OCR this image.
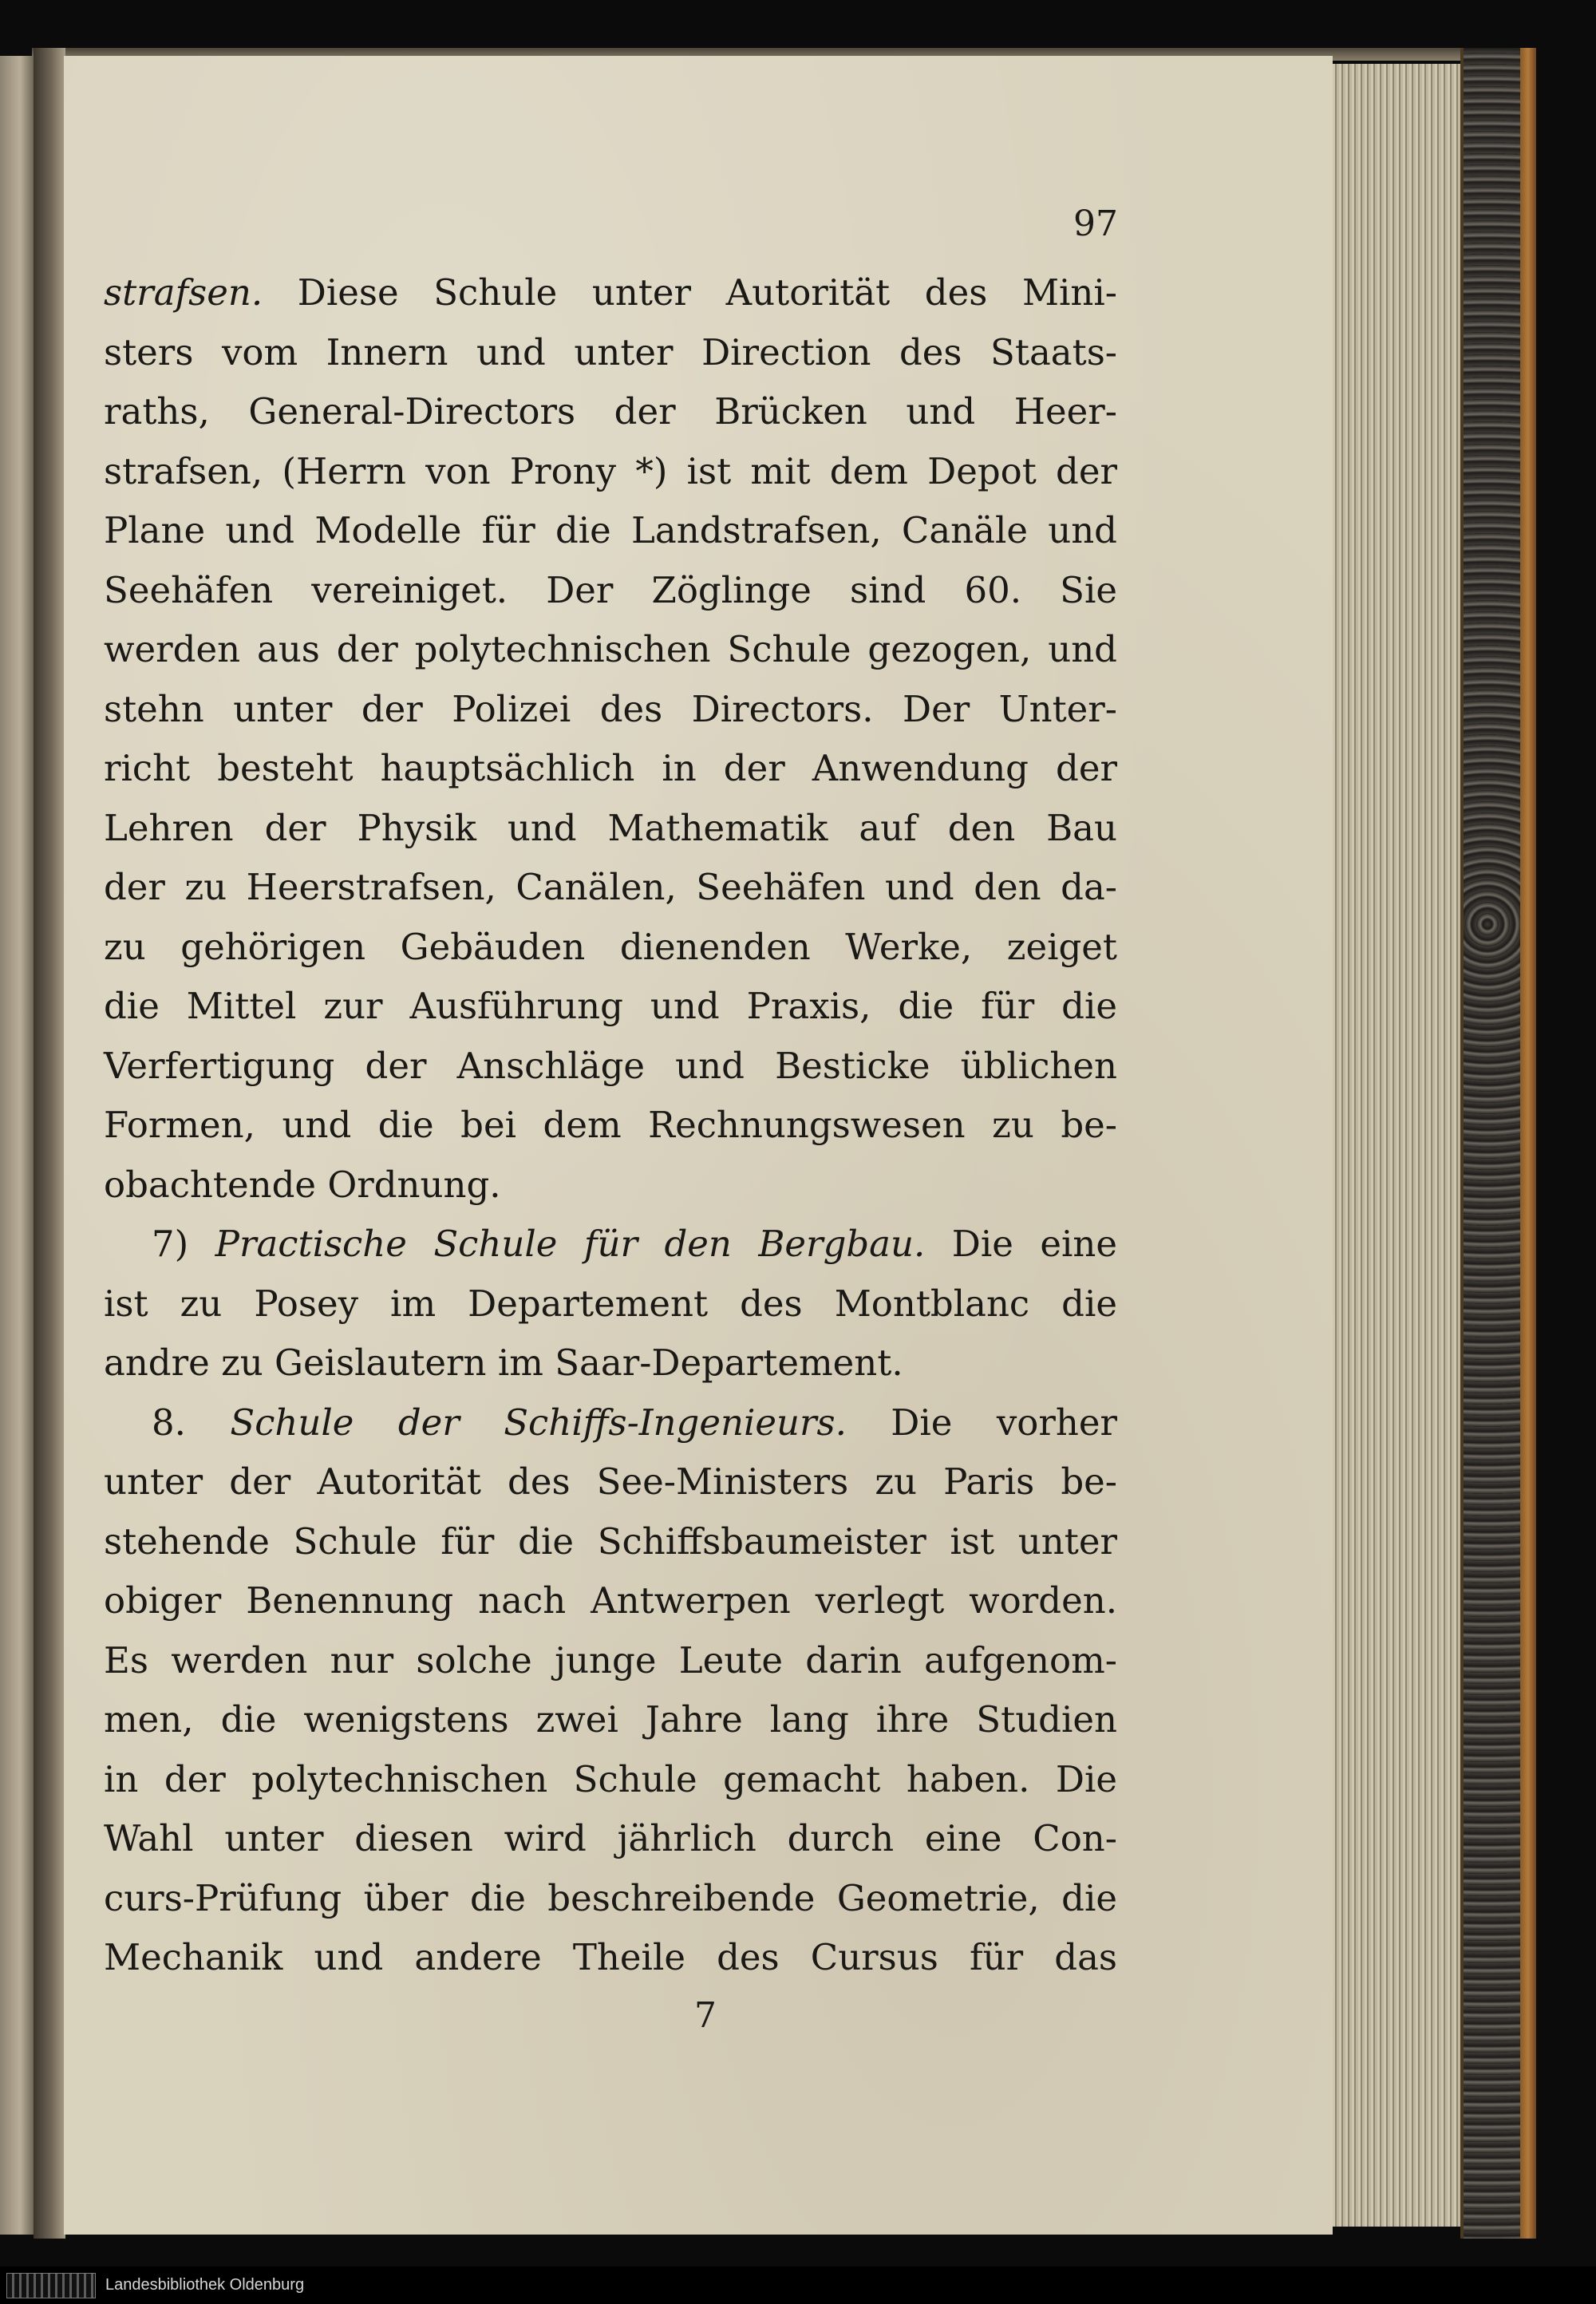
97
strafsen. Diese Schule unter Autorität des Mini-
sters vom Innern und unter Direction des Staats-
raths, General-Directors der Brücken und Heer-
strafsen, (Herrn von Prony *) ist mit dem Depot der
Plane und Modelle für die Landstrafsen, Canäle und
Seehäfen vereiniget. Der Zöglinge sind 60. Sie
werden aus der polytechnischen Schule gezogen, und
stehn unter der Polizei des Directors. Der Unter-
richt besteht hauptsächlich in der Anwendung der
Lehren der Physik und Mathematik auf den Bau
der zu Heerstrafsen, Canälen, Seehäfen und den da-
zu gehörigen Gebäuden dienenden Werke, zeiget
die Mittel zur Ausführung und Praxis, die für die
Verfertigung der Anschläge und Besticke üblichen
Formen, und die bei dem Rechnungswesen zu be-
obachtende Ordnung.
7) Practische Schule für den Bergbau. Die eine
ist zu Posey im Departement des Montblanc die
andre zu Geislautern im Saar-Departement.
8. Schule der Schiffs-Ingenieurs. Die vorher
unter der Autorität des See-Ministers zu Paris be-
stehende Schule für die Schiffsbaumeister ist unter
obiger Benennung nach Antwerpen verlegt worden.
Es werden nur solche junge Leute darin aufgenom-
men, die wenigstens zwei Jahre lang ihre Studien
in der polytechnischen Schule gemacht haben. Die
Wahl unter diesen wird jährlich durch eine Con-
curs-Prüfung über die beschreibende Geometrie, die
Mechanik und andere Theile des Cursus für das
7
Landesbibliothek Oldenburg
